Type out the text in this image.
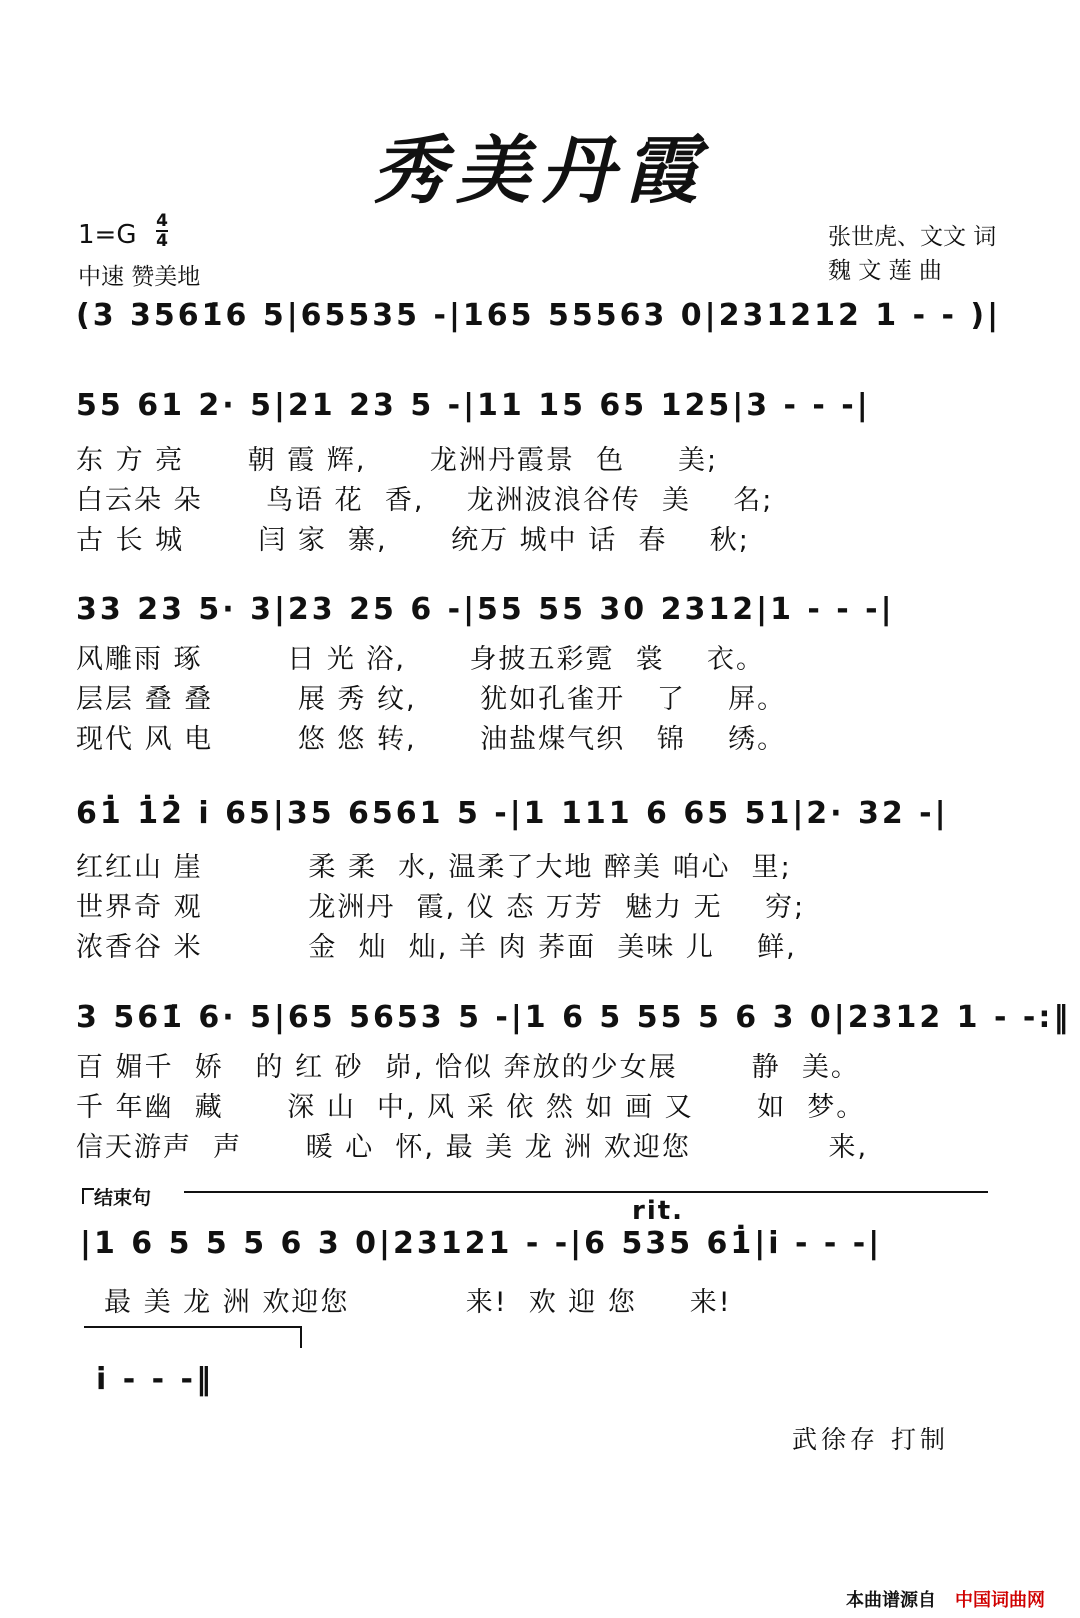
秀美丹霞
1=G 4
4
中速 赞美地
张世虎、文文 词
魏 文 莲 曲
(3 3561̇6 5|65535 -|165 55563 0|231212 1 - - )|
55 61 2· 5|21 23 5 -|11 15 65 125|3 - - -|
东 方 亮      朝 霞 辉,      龙洲丹霞景  色     美;
白云朵 朵      鸟语 花  香,    龙洲波浪谷传  美    名;
古 长 城       闫 家  寨,      统万 城中 话  春    秋;
33 23 5· 3|23 25 6 -|55 55 30 2312|1 - - -|
风雕雨 琢        日 光 浴,      身披五彩霓  裳    衣。
层层 叠 叠        展 秀 纹,      犹如孔雀开   了    屏。
现代 风 电        悠 悠 转,      油盐煤气织   锦    绣。
61̇ 1̇2̇ i 65|35 6561 5 -|1 111 6 65 51|2· 32 -|
红红山 崖          柔 柔  水, 温柔了大地 醉美 咱心  里;
世界奇 观          龙洲丹  霞, 仪 态 万芳  魅力 无    穷;
浓香谷 米          金  灿  灿, 羊 肉 荞面  美味 儿    鲜,
3 561̇ 6· 5|65 5653 5 -|1 6 5 55 5 6 3 0|2312 1 - -:‖
百 媚千  娇   的 红 砂  峁, 恰似 奔放的少女展       静  美。
千 年幽  藏      深 山  中, 风 采 依 然 如 画 又      如  梦。
信天游声  声      暖 心  怀, 最 美 龙 洲 欢迎您             来,
结束句	rit.
|1 6 5 5 5 6 3 0|23121 - -|6 535 61̇|i - - -|
最 美 龙 洲 欢迎您           来!  欢 迎 您     来!
i - - -‖
武徐存 打制
本曲谱源自 中国词曲网
